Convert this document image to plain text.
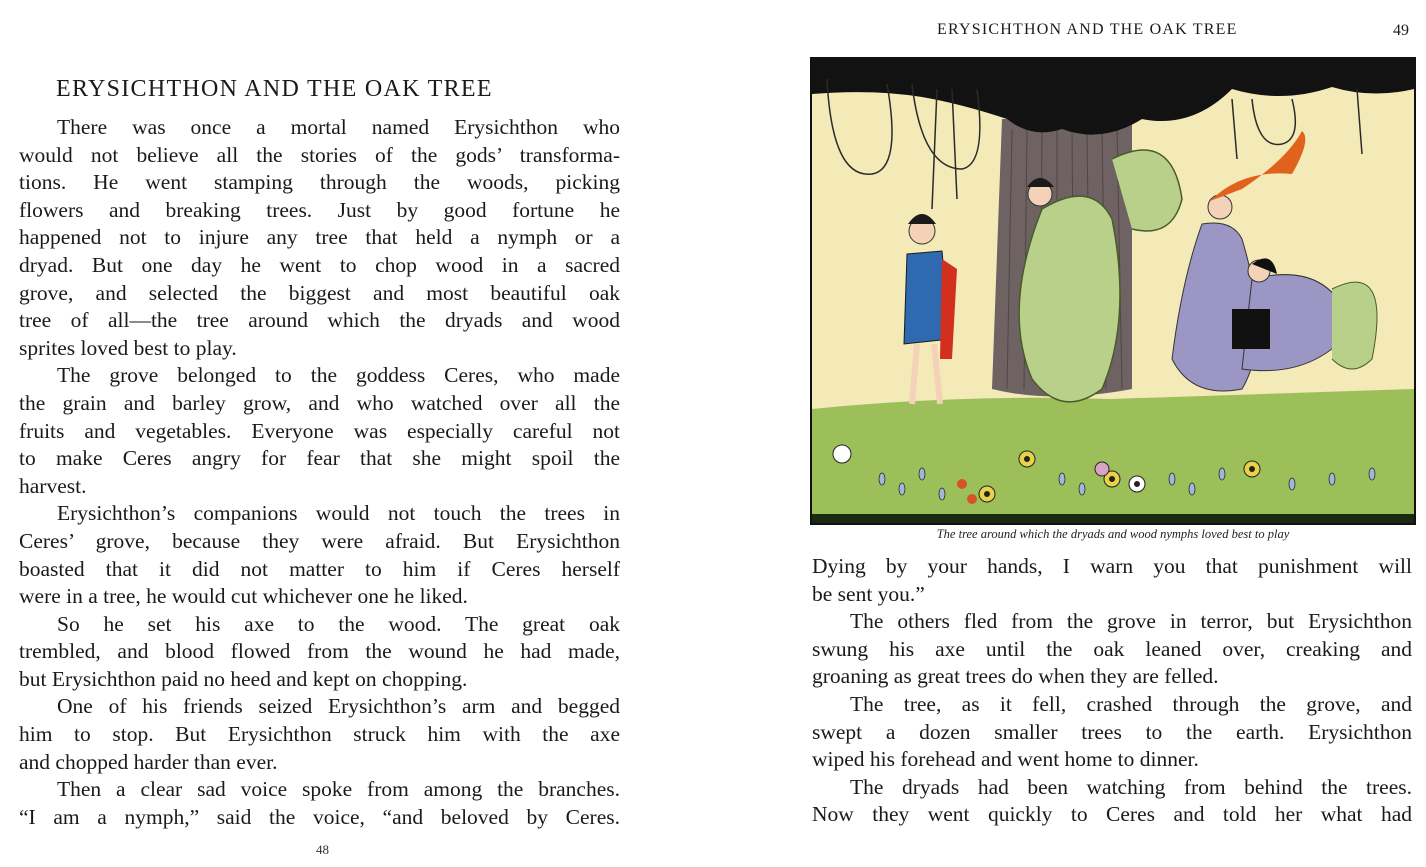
ERYSICHTHON AND THE OAK TREE
There was once a mortal named Erysichthon who
would not believe all the stories of the gods’ transforma-
tions. He went stamping through the woods, picking
flowers and breaking trees. Just by good fortune he
happened not to injure any tree that held a nymph or a
dryad. But one day he went to chop wood in a sacred
grove, and selected the biggest and most beautiful oak
tree of all—the tree around which the dryads and wood
sprites loved best to play.
The grove belonged to the goddess Ceres, who made
the grain and barley grow, and who watched over all the
fruits and vegetables. Everyone was especially careful not
to make Ceres angry for fear that she might spoil the
harvest.
Erysichthon’s companions would not touch the trees in
Ceres’ grove, because they were afraid. But Erysichthon
boasted that it did not matter to him if Ceres herself
were in a tree, he would cut whichever one he liked.
So he set his axe to the wood. The great oak
trembled, and blood flowed from the wound he had made,
but Erysichthon paid no heed and kept on chopping.
One of his friends seized Erysichthon’s arm and begged
him to stop. But Erysichthon struck him with the axe
and chopped harder than ever.
Then a clear sad voice spoke from among the branches.
“I am a nymph,” said the voice, “and beloved by Ceres.
48
ERYSICHTHON AND THE OAK TREE	49
The tree around which the dryads and wood nymphs loved best to play
Dying by your hands, I warn you that punishment will
be sent you.”
The others fled from the grove in terror, but Erysichthon
swung his axe until the oak leaned over, creaking and
groaning as great trees do when they are felled.
The tree, as it fell, crashed through the grove, and
swept a dozen smaller trees to the earth. Erysichthon
wiped his forehead and went home to dinner.
The dryads had been watching from behind the trees.
Now they went quickly to Ceres and told her what had
